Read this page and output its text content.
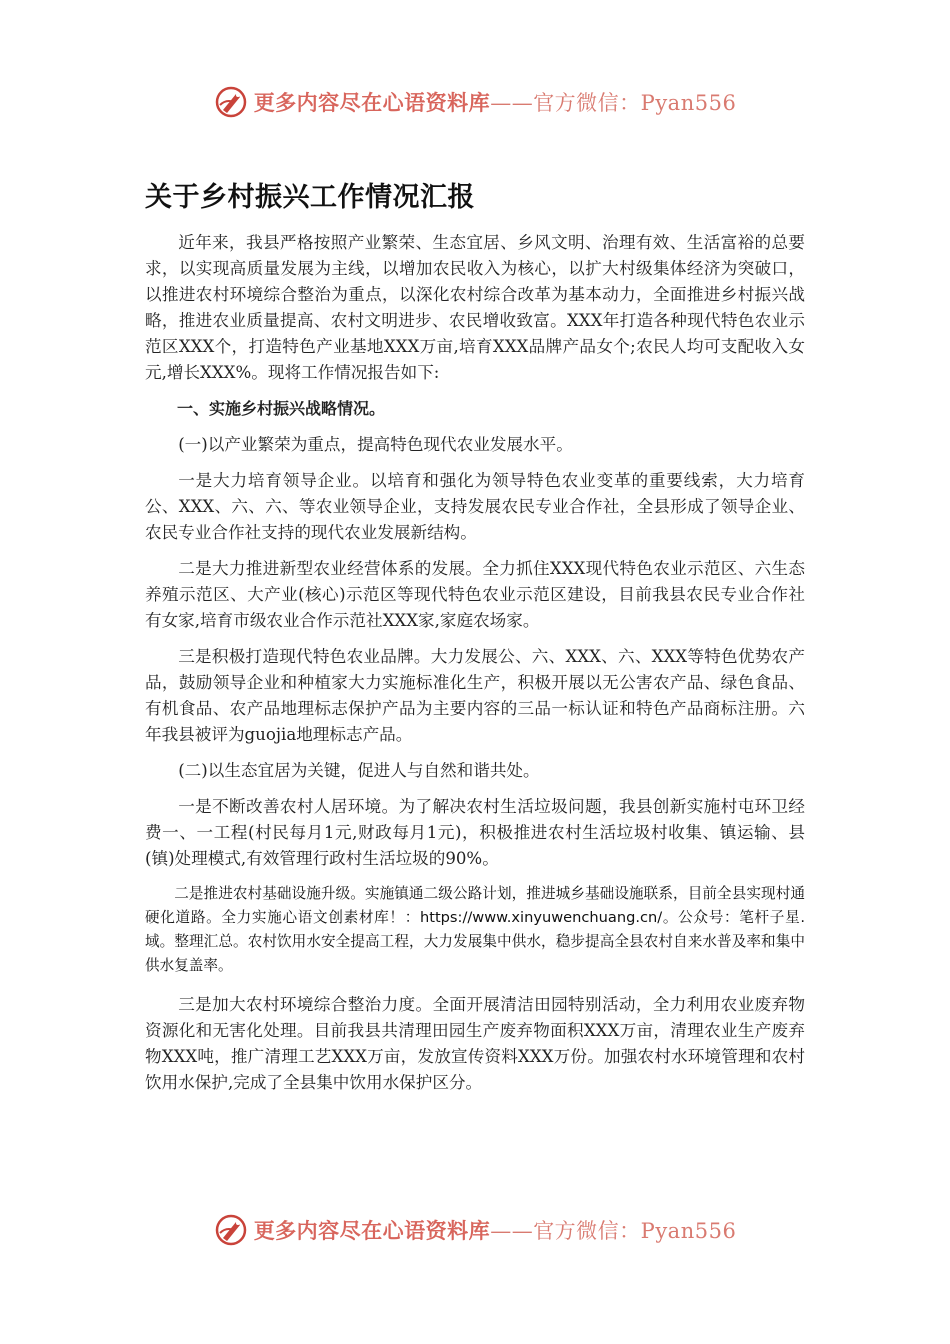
更多内容尽在心语资料库——官方微信：Pyan556
关于乡村振兴工作情况汇报

近年来，我县严格按照产业繁荣、生态宜居、乡风文明、治理有效、生活富裕的总要求，以实现高质量发展为主线，以增加农民收入为核心，以扩大村级集体经济为突破口，以推进农村环境综合整治为重点，以深化农村综合改革为基本动力，全面推进乡村振兴战略，推进农业质量提高、农村文明进步、农民增收致富。XXX年打造各种现代特色农业示范区XXX个，打造特色产业基地XXX万亩,培育XXX品牌产品女个;农民人均可支配收入女元,增长XXX%。现将工作情况报告如下:

一、实施乡村振兴战略情况。

(一)以产业繁荣为重点，提高特色现代农业发展水平。

一是大力培育领导企业。以培育和强化为领导特色农业变革的重要线索，大力培育公、XXX、六、六、等农业领导企业，支持发展农民专业合作社，全县形成了领导企业、农民专业合作社支持的现代农业发展新结构。

二是大力推进新型农业经营体系的发展。全力抓住XXX现代特色农业示范区、六生态养殖示范区、大产业(核心)示范区等现代特色农业示范区建设，目前我县农民专业合作社有女家,培育市级农业合作示范社XXX家,家庭农场家。

三是积极打造现代特色农业品牌。大力发展公、六、XXX、六、XXX等特色优势农产品，鼓励领导企业和种植家大力实施标准化生产，积极开展以无公害农产品、绿色食品、有机食品、农产品地理标志保护产品为主要内容的三品一标认证和特色产品商标注册。六年我县被评为guojia地理标志产品。

(二)以生态宜居为关键，促进人与自然和谐共处。

一是不断改善农村人居环境。为了解决农村生活垃圾问题，我县创新实施村屯环卫经费一、一工程(村民每月1元,财政每月1元)，积极推进农村生活垃圾村收集、镇运输、县(镇)处理模式,有效管理行政村生活垃圾的90%。

二是推进农村基础设施升级。实施镇通二级公路计划，推进城乡基础设施联系，目前全县实现村通硬化道路。全力实施心语文创素材库！：https://www.xinyuwenchuang.cn/。公众号：笔杆子星.域。整理汇总。农村饮用水安全提高工程，大力发展集中供水，稳步提高全县农村自来水普及率和集中供水复盖率。

三是加大农村环境综合整治力度。全面开展清洁田园特别活动，全力利用农业废弃物资源化和无害化处理。目前我县共清理田园生产废弃物面积XXX万亩，清理农业生产废弃物XXX吨，推广清理工艺XXX万亩，发放宣传资料XXX万份。加强农村水环境管理和农村饮用水保护,完成了全县集中饮用水保护区分。

更多内容尽在心语资料库——官方微信：Pyan556
